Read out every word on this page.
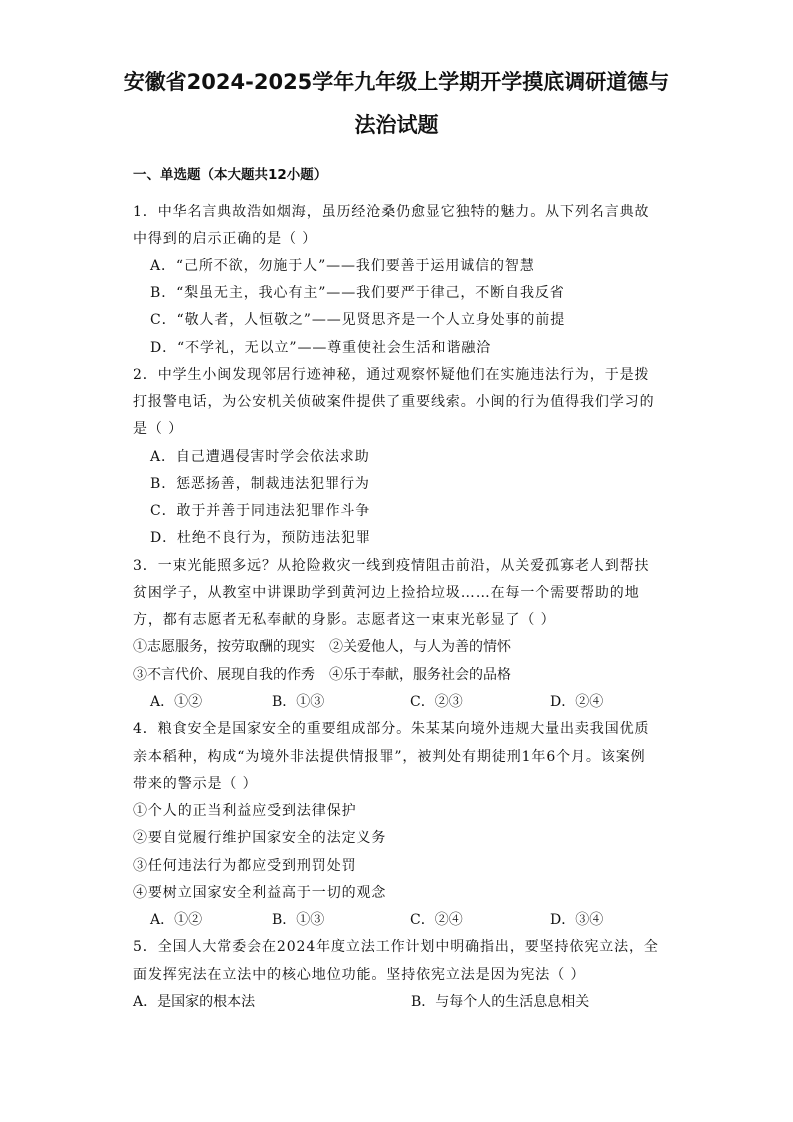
安徽省2024-2025学年九年级上学期开学摸底调研道德与
法治试题
一、单选题（本大题共12小题）
1．中华名言典故浩如烟海，虽历经沧桑仍愈显它独特的魅力。从下列名言典故
中得到的启示正确的是（ ）
A．“己所不欲，勿施于人”——我们要善于运用诚信的智慧
B．“梨虽无主，我心有主”——我们要严于律己，不断自我反省
C．“敬人者，人恒敬之”——见贤思齐是一个人立身处事的前提
D．“不学礼，无以立”——尊重使社会生活和谐融洽
2．中学生小闽发现邻居行迹神秘，通过观察怀疑他们在实施违法行为，于是拨
打报警电话，为公安机关侦破案件提供了重要线索。小闽的行为值得我们学习的
是（ ）
A．自己遭遇侵害时学会依法求助
B．惩恶扬善，制裁违法犯罪行为
C．敢于并善于同违法犯罪作斗争
D．杜绝不良行为，预防违法犯罪
3．一束光能照多远？从抢险救灾一线到疫情阻击前沿，从关爱孤寡老人到帮扶
贫困学子，从教室中讲课助学到黄河边上捡拾垃圾……在每一个需要帮助的地
方，都有志愿者无私奉献的身影。志愿者这一束束光彰显了（ ）
①志愿服务，按劳取酬的现实 ②关爱他人，与人为善的情怀
③不言代价、展现自我的作秀 ④乐于奉献，服务社会的品格
A．①②	B．①③	C．②③	D．②④
4．粮食安全是国家安全的重要组成部分。朱某某向境外违规大量出卖我国优质
亲本稻种，构成“为境外非法提供情报罪”，被判处有期徒刑1年6个月。该案例
带来的警示是（ ）
①个人的正当利益应受到法律保护
②要自觉履行维护国家安全的法定义务
③任何违法行为都应受到刑罚处罚
④要树立国家安全利益高于一切的观念
A．①②	B．①③	C．②④	D．③④
5．全国人大常委会在2024年度立法工作计划中明确指出，要坚持依宪立法，全
面发挥宪法在立法中的核心地位功能。坚持依宪立法是因为宪法（ ）
A．是国家的根本法	B．与每个人的生活息息相关
